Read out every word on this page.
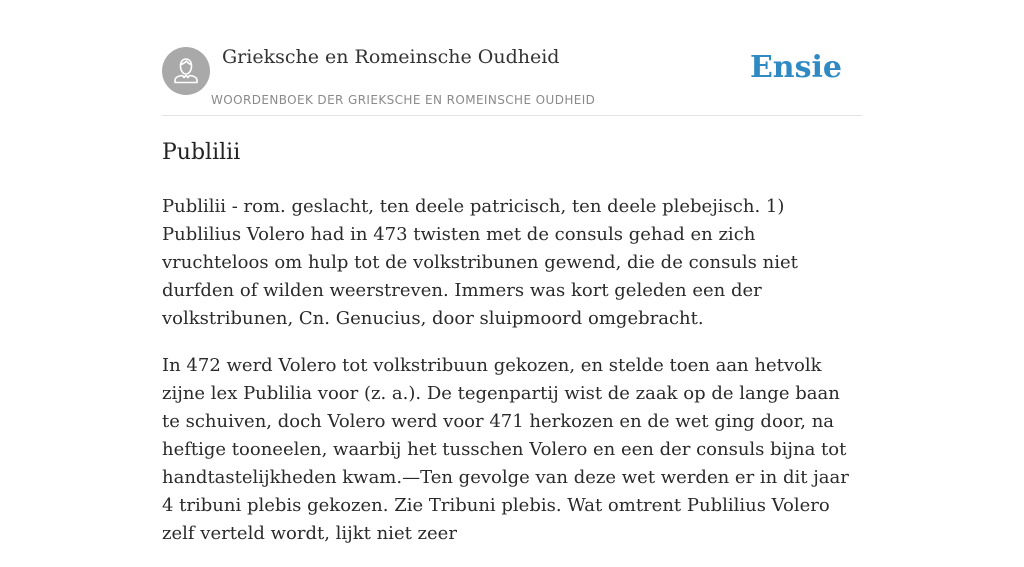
Grieksche en Romeinsche Oudheid
WOORDENBOEK DER GRIEKSCHE EN ROMEINSCHE OUDHEID
Ensie
Publilii

Publilii - rom. geslacht, ten deele patricisch, ten deele plebejisch. 1) Publilius Volero had in 473 twisten met de consuls gehad en zich vruchteloos om hulp tot de volkstribunen gewend, die de consuls niet durfden of wilden weerstreven. Immers was kort geleden een der volkstribunen, Cn. Genucius, door sluipmoord omgebracht.

In 472 werd Volero tot volkstribuun gekozen, en stelde toen aan hetvolk zijne lex Publilia voor (z. a.). De tegenpartij wist de zaak op de lange baan te schuiven, doch Volero werd voor 471 herkozen en de wet ging door, na heftige tooneelen, waarbij het tusschen Volero en een der consuls bijna tot handtastelijkheden kwam.—Ten gevolge van deze wet werden er in dit jaar 4 tribuni plebis gekozen. Zie Tribuni plebis. Wat omtrent Publilius Volero zelf verteld wordt, lijkt niet zeer
